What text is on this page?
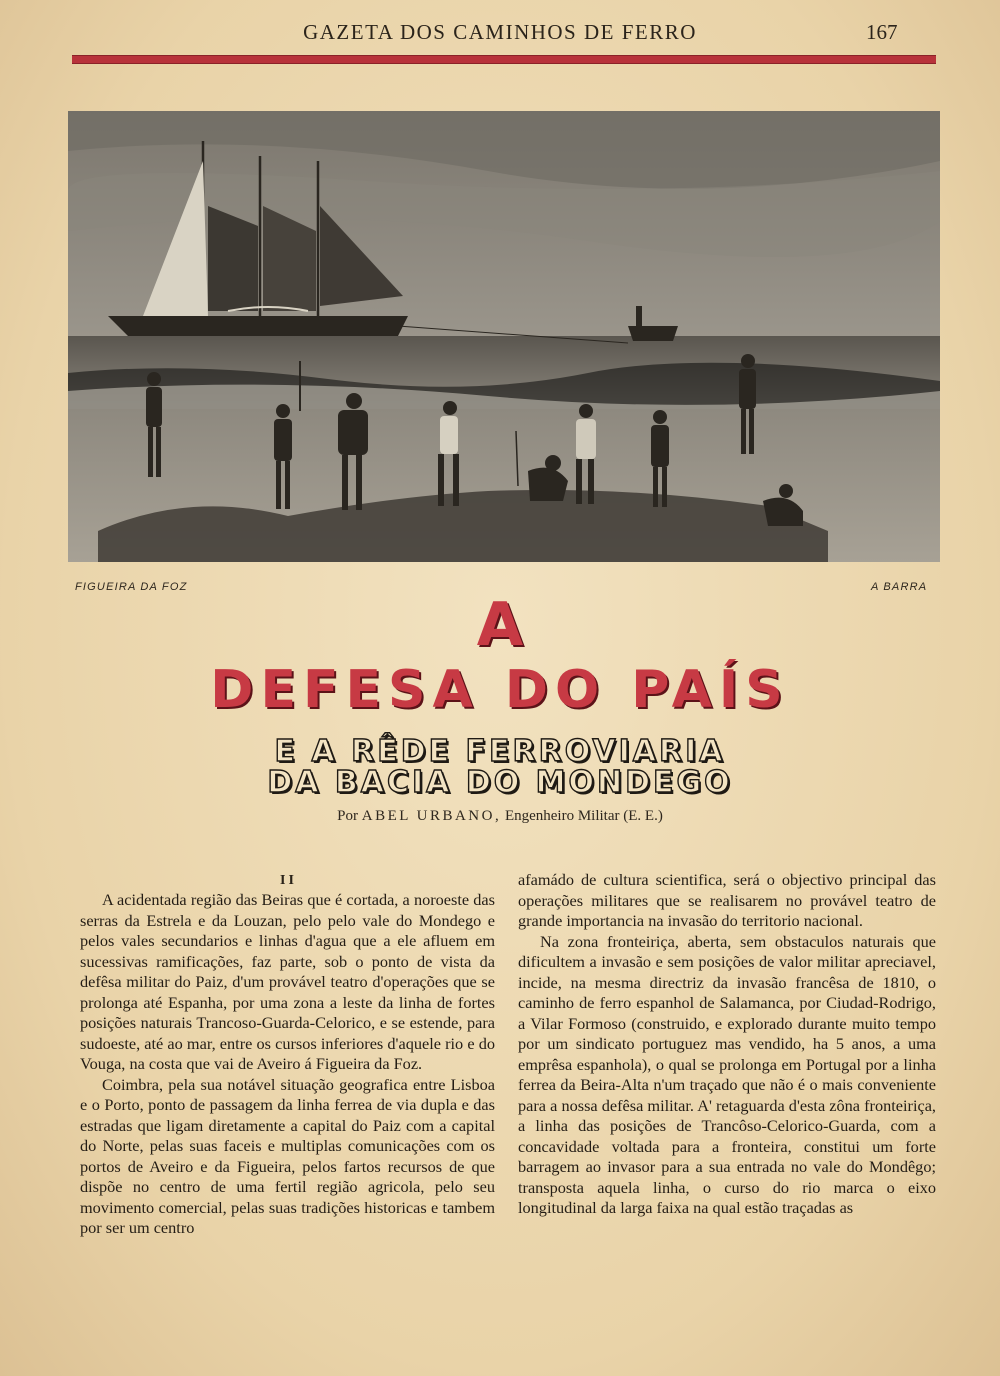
GAZETA DOS CAMINHOS DE FERRO	167
FIGUEIRA DA FOZ	A BARRA
A
DEFESA DO PAÍS
E A RÊDE FERROVIARIA
DA BACIA DO MONDEGO
Por ABEL URBANO, Engenheiro Militar (E. E.)
II

A acidentada região das Beiras que é cortada, a noroeste das serras da Estrela e da Louzan, pelo pelo vale do Mondego e pelos vales secundarios e linhas d'agua que a ele afluem em sucessivas ramificações, faz parte, sob o ponto de vista da defêsa militar do Paiz, d'um provável teatro d'operações que se prolonga até Espanha, por uma zona a leste da linha de fortes posições naturais Trancoso-Guarda-Celorico, e se estende, para sudoeste, até ao mar, entre os cursos inferiores d'aquele rio e do Vouga, na costa que vai de Aveiro á Figueira da Foz.

Coimbra, pela sua notável situação geografica entre Lisboa e o Porto, ponto de passagem da linha ferrea de via dupla e das estradas que ligam diretamente a capital do Paiz com a capital do Norte, pelas suas faceis e multiplas comunicações com os portos de Aveiro e da Figueira, pelos fartos recursos de que dispõe no centro de uma fertil região agricola, pelo seu movimento comercial, pelas suas tradições historicas e tambem por ser um centro

afamádo de cultura scientifica, será o objectivo principal das operações militares que se realisarem no provável teatro de grande importancia na invasão do territorio nacional.

Na zona fronteiriça, aberta, sem obstaculos naturais que dificultem a invasão e sem posições de valor militar apreciavel, incide, na mesma directriz da invasão francêsa de 1810, o caminho de ferro espanhol de Salamanca, por Ciudad-Rodrigo, a Vilar Formoso (construido, e explorado durante muito tempo por um sindicato portuguez mas vendido, ha 5 anos, a uma emprêsa espanhola), o qual se prolonga em Portugal por a linha ferrea da Beira-Alta n'um traçado que não é o mais conveniente para a nossa defêsa militar. A' retaguarda d'esta zôna fronteiriça, a linha das posições de Trancôso-Celorico-Guarda, com a concavidade voltada para a fronteira, constitui um forte barragem ao invasor para a sua entrada no vale do Mondêgo; transposta aquela linha, o curso do rio marca o eixo longitudinal da larga faixa na qual estão traçadas as
